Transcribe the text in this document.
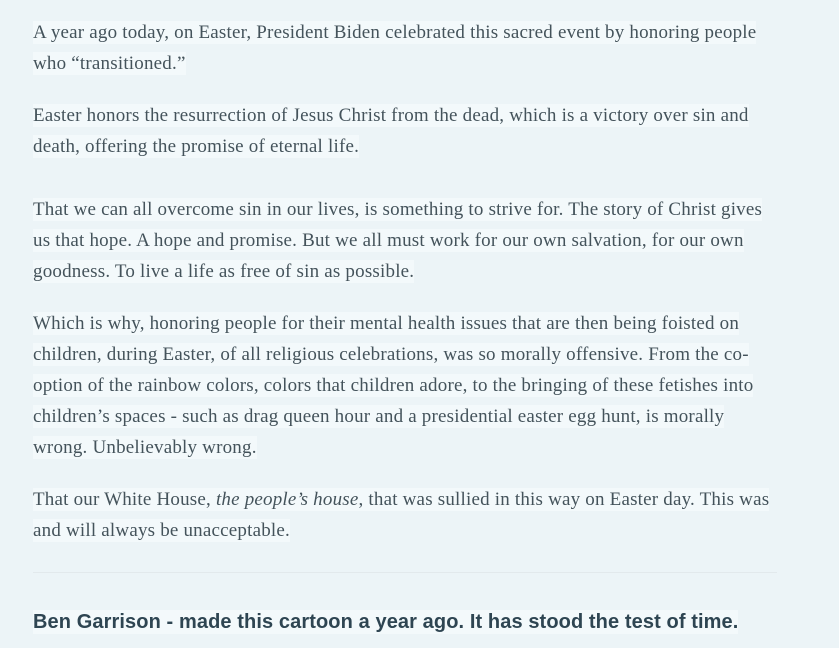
A year ago today, on Easter, President Biden celebrated this sacred event by honoring people who “transitioned.”

Easter honors the resurrection of Jesus Christ from the dead, which is a victory over sin and death, offering the promise of eternal life.

That we can all overcome sin in our lives, is something to strive for. The story of Christ gives us that hope. A hope and promise. But we all must work for our own salvation, for our own goodness. To live a life as free of sin as possible.

Which is why, honoring people for their mental health issues that are then being foisted on children, during Easter, of all religious celebrations, was so morally offensive. From the co-option of the rainbow colors, colors that children adore, to the bringing of these fetishes into children’s spaces - such as drag queen hour and a presidential easter egg hunt, is morally wrong. Unbelievably wrong.

That our White House, the people’s house, that was sullied in this way on Easter day. This was and will always be unacceptable.

Ben Garrison - made this cartoon a year ago. It has stood the test of time.
